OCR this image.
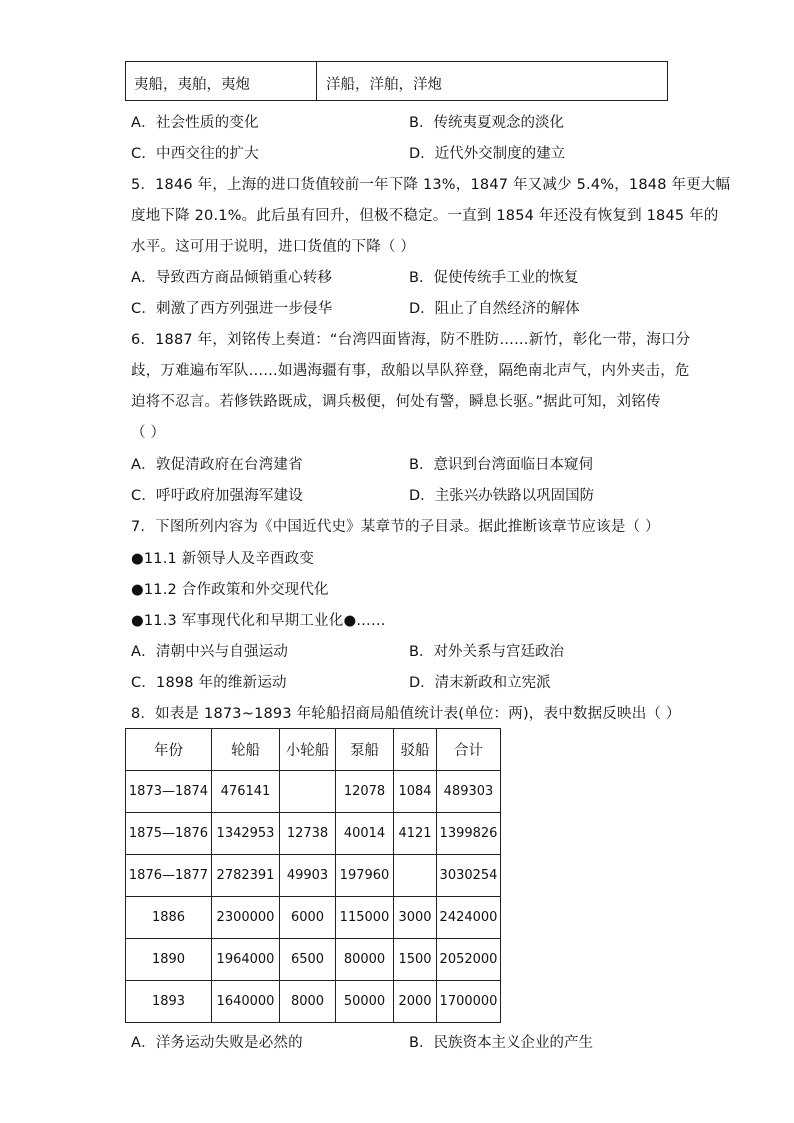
夷船，夷舶，夷炮	洋船，洋舶，洋炮
A．社会性质的变化	B．传统夷夏观念的淡化
C．中西交往的扩大	D．近代外交制度的建立
5．1846 年，上海的进口货值较前一年下降 13%，1847 年又减少 5.4%，1848 年更大幅
度地下降 20.1%。此后虽有回升，但极不稳定。一直到 1854 年还没有恢复到 1845 年的
水平。这可用于说明，进口货值的下降（ ）
A．导致西方商品倾销重心转移	B．促使传统手工业的恢复
C．刺激了西方列强进一步侵华	D．阻止了自然经济的解体
6．1887 年，刘铭传上奏道：“台湾四面皆海，防不胜防……新竹，彰化一带，海口分
歧，万难遍布军队……如遇海疆有事，敌船以旱队猝登，隔绝南北声气，内外夹击，危
迫将不忍言。若修铁路既成，调兵极便，何处有警，瞬息长驱。”据此可知，刘铭传
（ ）
A．敦促清政府在台湾建省	B．意识到台湾面临日本窥伺
C．呼吁政府加强海军建设	D．主张兴办铁路以巩固国防
7．下图所列内容为《中国近代史》某章节的子目录。据此推断该章节应该是（ ）
●11.1 新领导人及辛酉政变
●11.2 合作政策和外交现代化
●11.3 军事现代化和早期工业化●……
A．清朝中兴与自强运动	B．对外关系与宫廷政治
C．1898 年的维新运动	D．清末新政和立宪派
8．如表是 1873~1893 年轮船招商局船值统计表(单位：两)，表中数据反映出（ ）
年份	轮船	小轮船	泵船	驳船	合计
1873—1874	476141		12078	1084	489303
1875—1876	1342953	12738	40014	4121	1399826
1876—1877	2782391	49903	197960		3030254
1886	2300000	6000	115000	3000	2424000
1890	1964000	6500	80000	1500	2052000
1893	1640000	8000	50000	2000	1700000
A．洋务运动失败是必然的	B．民族资本主义企业的产生
